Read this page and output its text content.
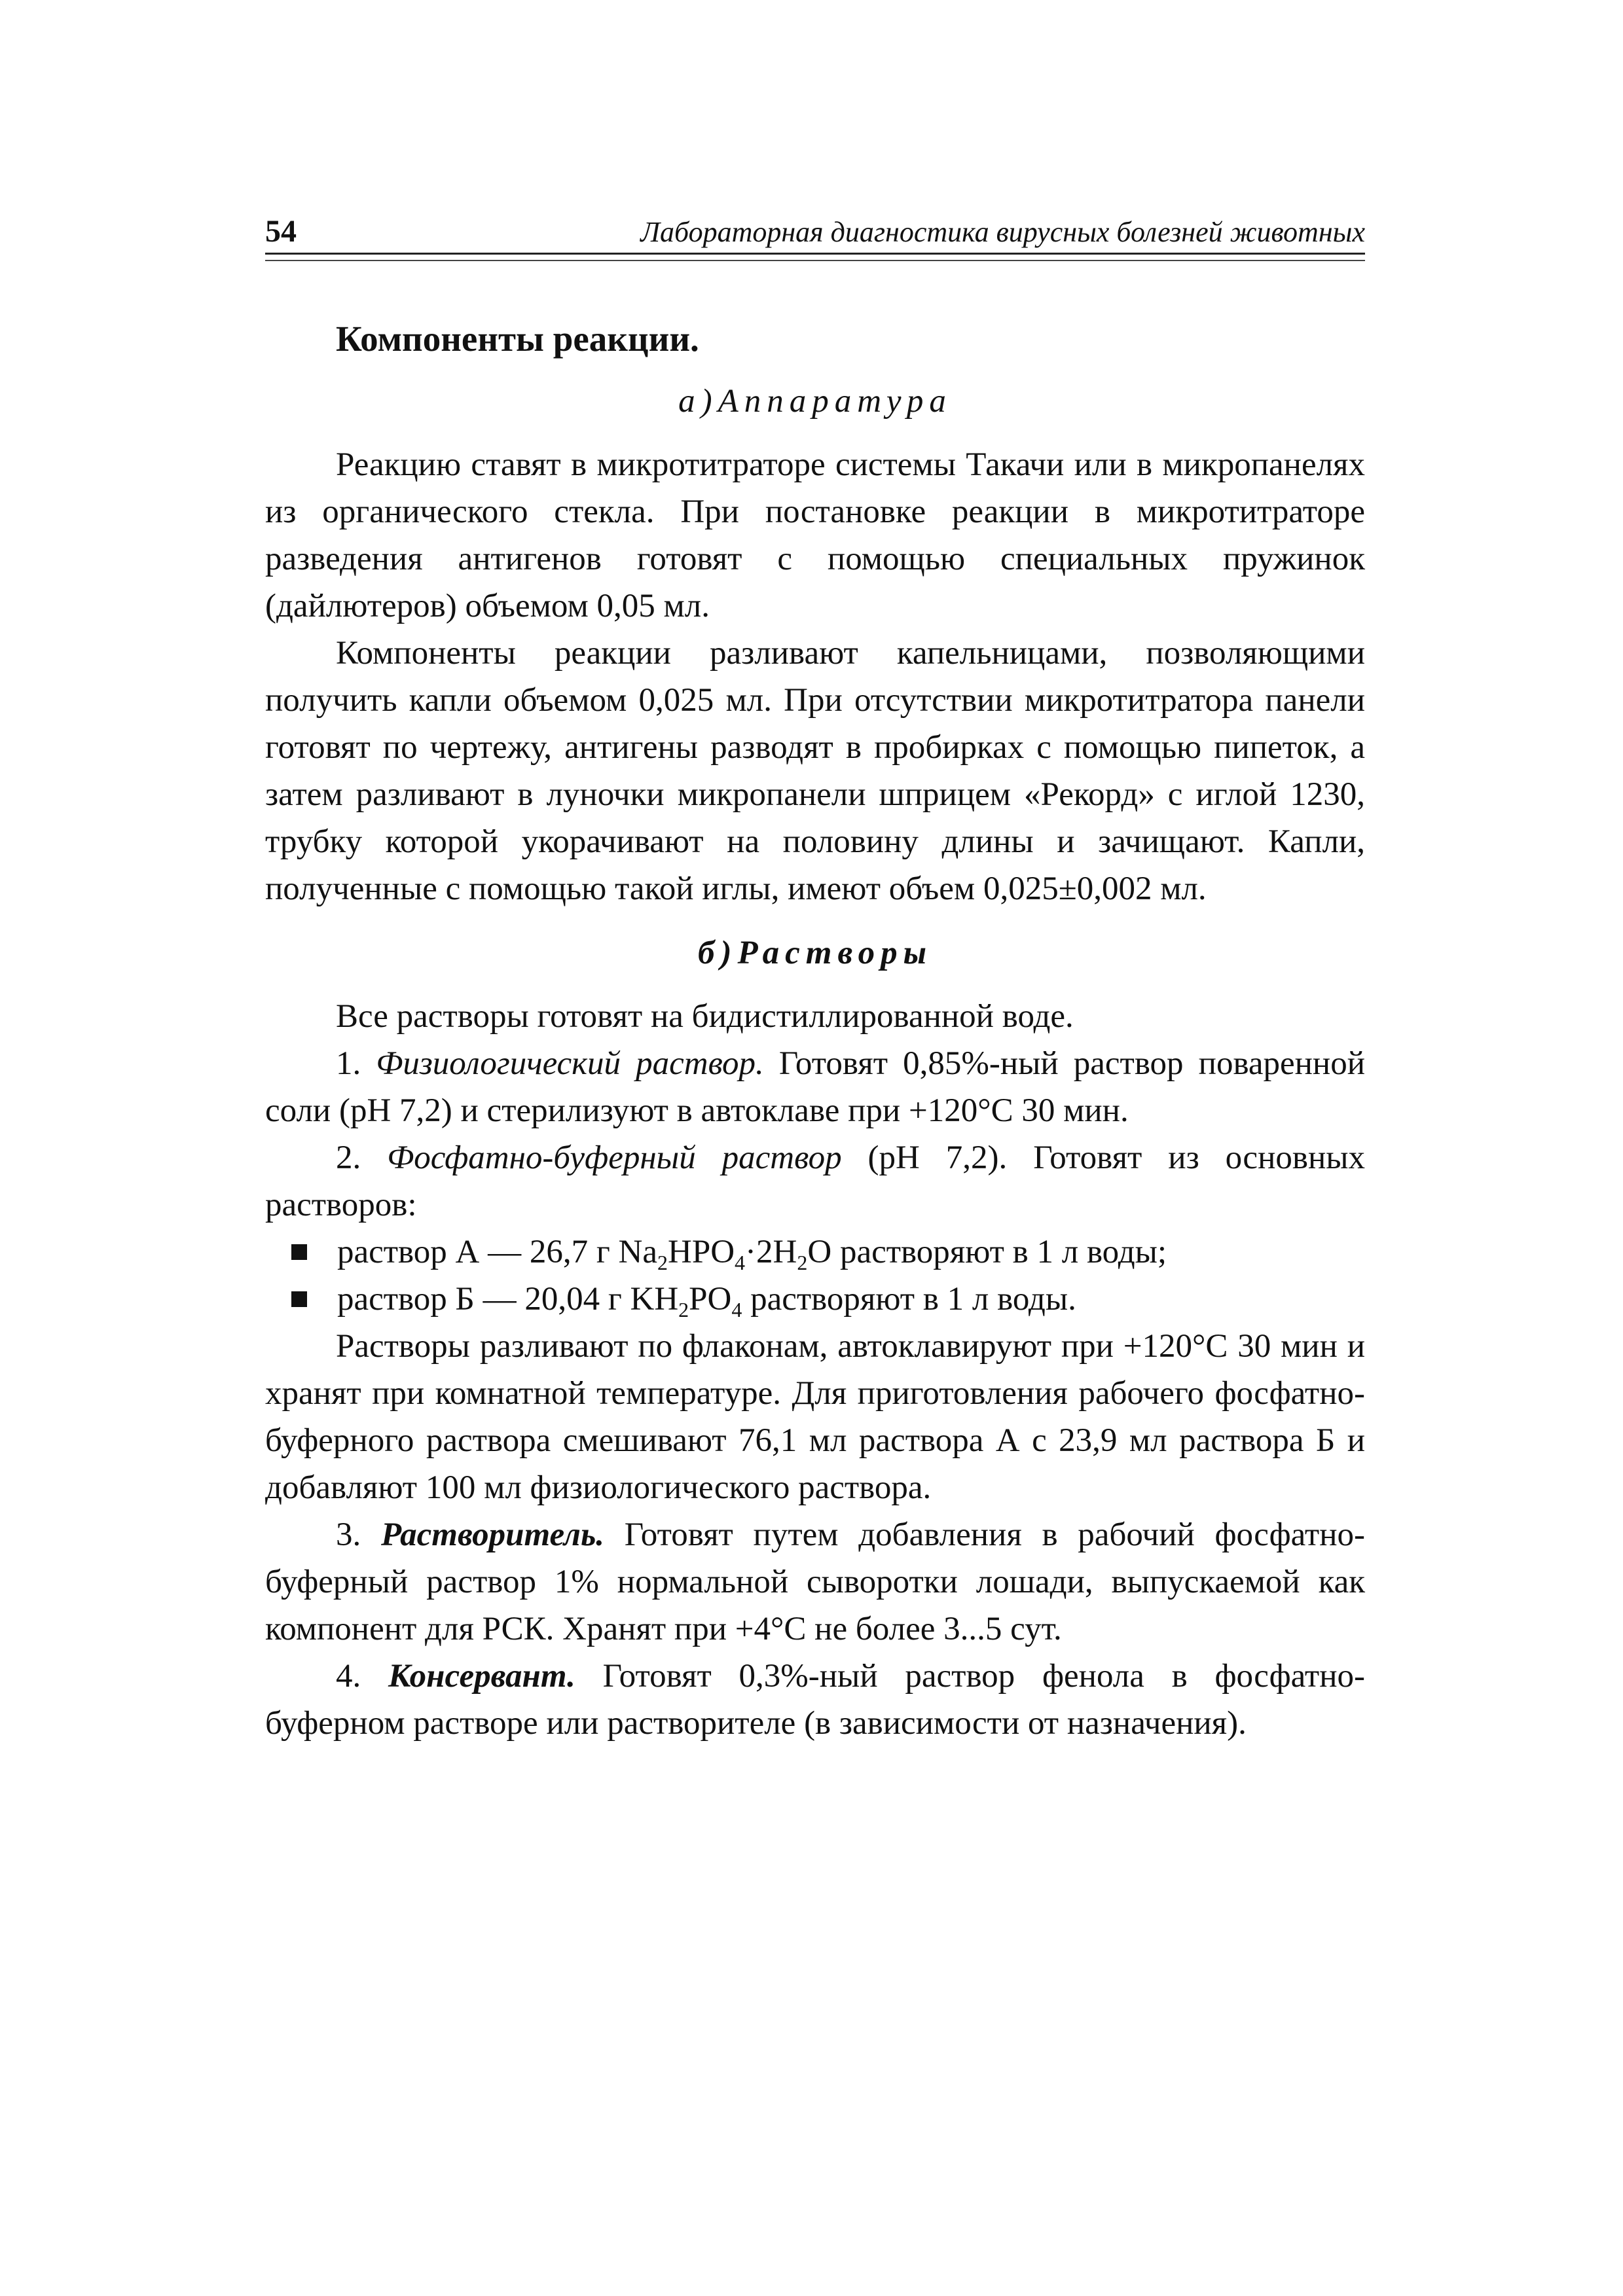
54	Лабораторная диагностика вирусных болезней животных
Компоненты реакции.
а)Аппаратура

Реакцию ставят в микротитраторе системы Такачи или в микропанелях из органического стекла. При постановке реакции в микротитраторе разведения антигенов готовят с помощью специальных пружинок (дайлютеров) объемом 0,05 мл.

Компоненты реакции разливают капельницами, позволяющими получить капли объемом 0,025 мл. При отсутствии микротитратора панели готовят по чертежу, антигены разводят в пробирках с помощью пипеток, а затем разливают в луночки микропанели шприцем «Рекорд» с иглой 1230, трубку которой укорачивают на половину длины и зачищают. Капли, полученные с помощью такой иглы, имеют объем 0,025±0,002 мл.

б)Растворы

Все растворы готовят на бидистиллированной воде.

1. Физиологический раствор. Готовят 0,85%-ный раствор поваренной соли (pH 7,2) и стерилизуют в автоклаве при +120°С 30 мин.

2. Фосфатно-буферный раствор (pH 7,2). Готовят из основных растворов:

раствор А — 26,7 г $Na_2HPO_4\cdot 2H_2O$ растворяют в 1 л воды;
раствор Б — 20,04 г $KH_2PO_4$ растворяют в 1 л воды.

Растворы разливают по флаконам, автоклавируют при +120°С 30 мин и хранят при комнатной температуре. Для приготовления рабочего фосфатно-буферного раствора смешивают 76,1 мл раствора А с 23,9 мл раствора Б и добавляют 100 мл физиологического раствора.

3. Растворитель. Готовят путем добавления в рабочий фосфатно-буферный раствор 1% нормальной сыворотки лошади, выпускаемой как компонент для РСК. Хранят при +4°С не более 3...5 сут.

4. Консервант. Готовят 0,3%-ный раствор фенола в фосфатно-буферном растворе или растворителе (в зависимости от назначения).
